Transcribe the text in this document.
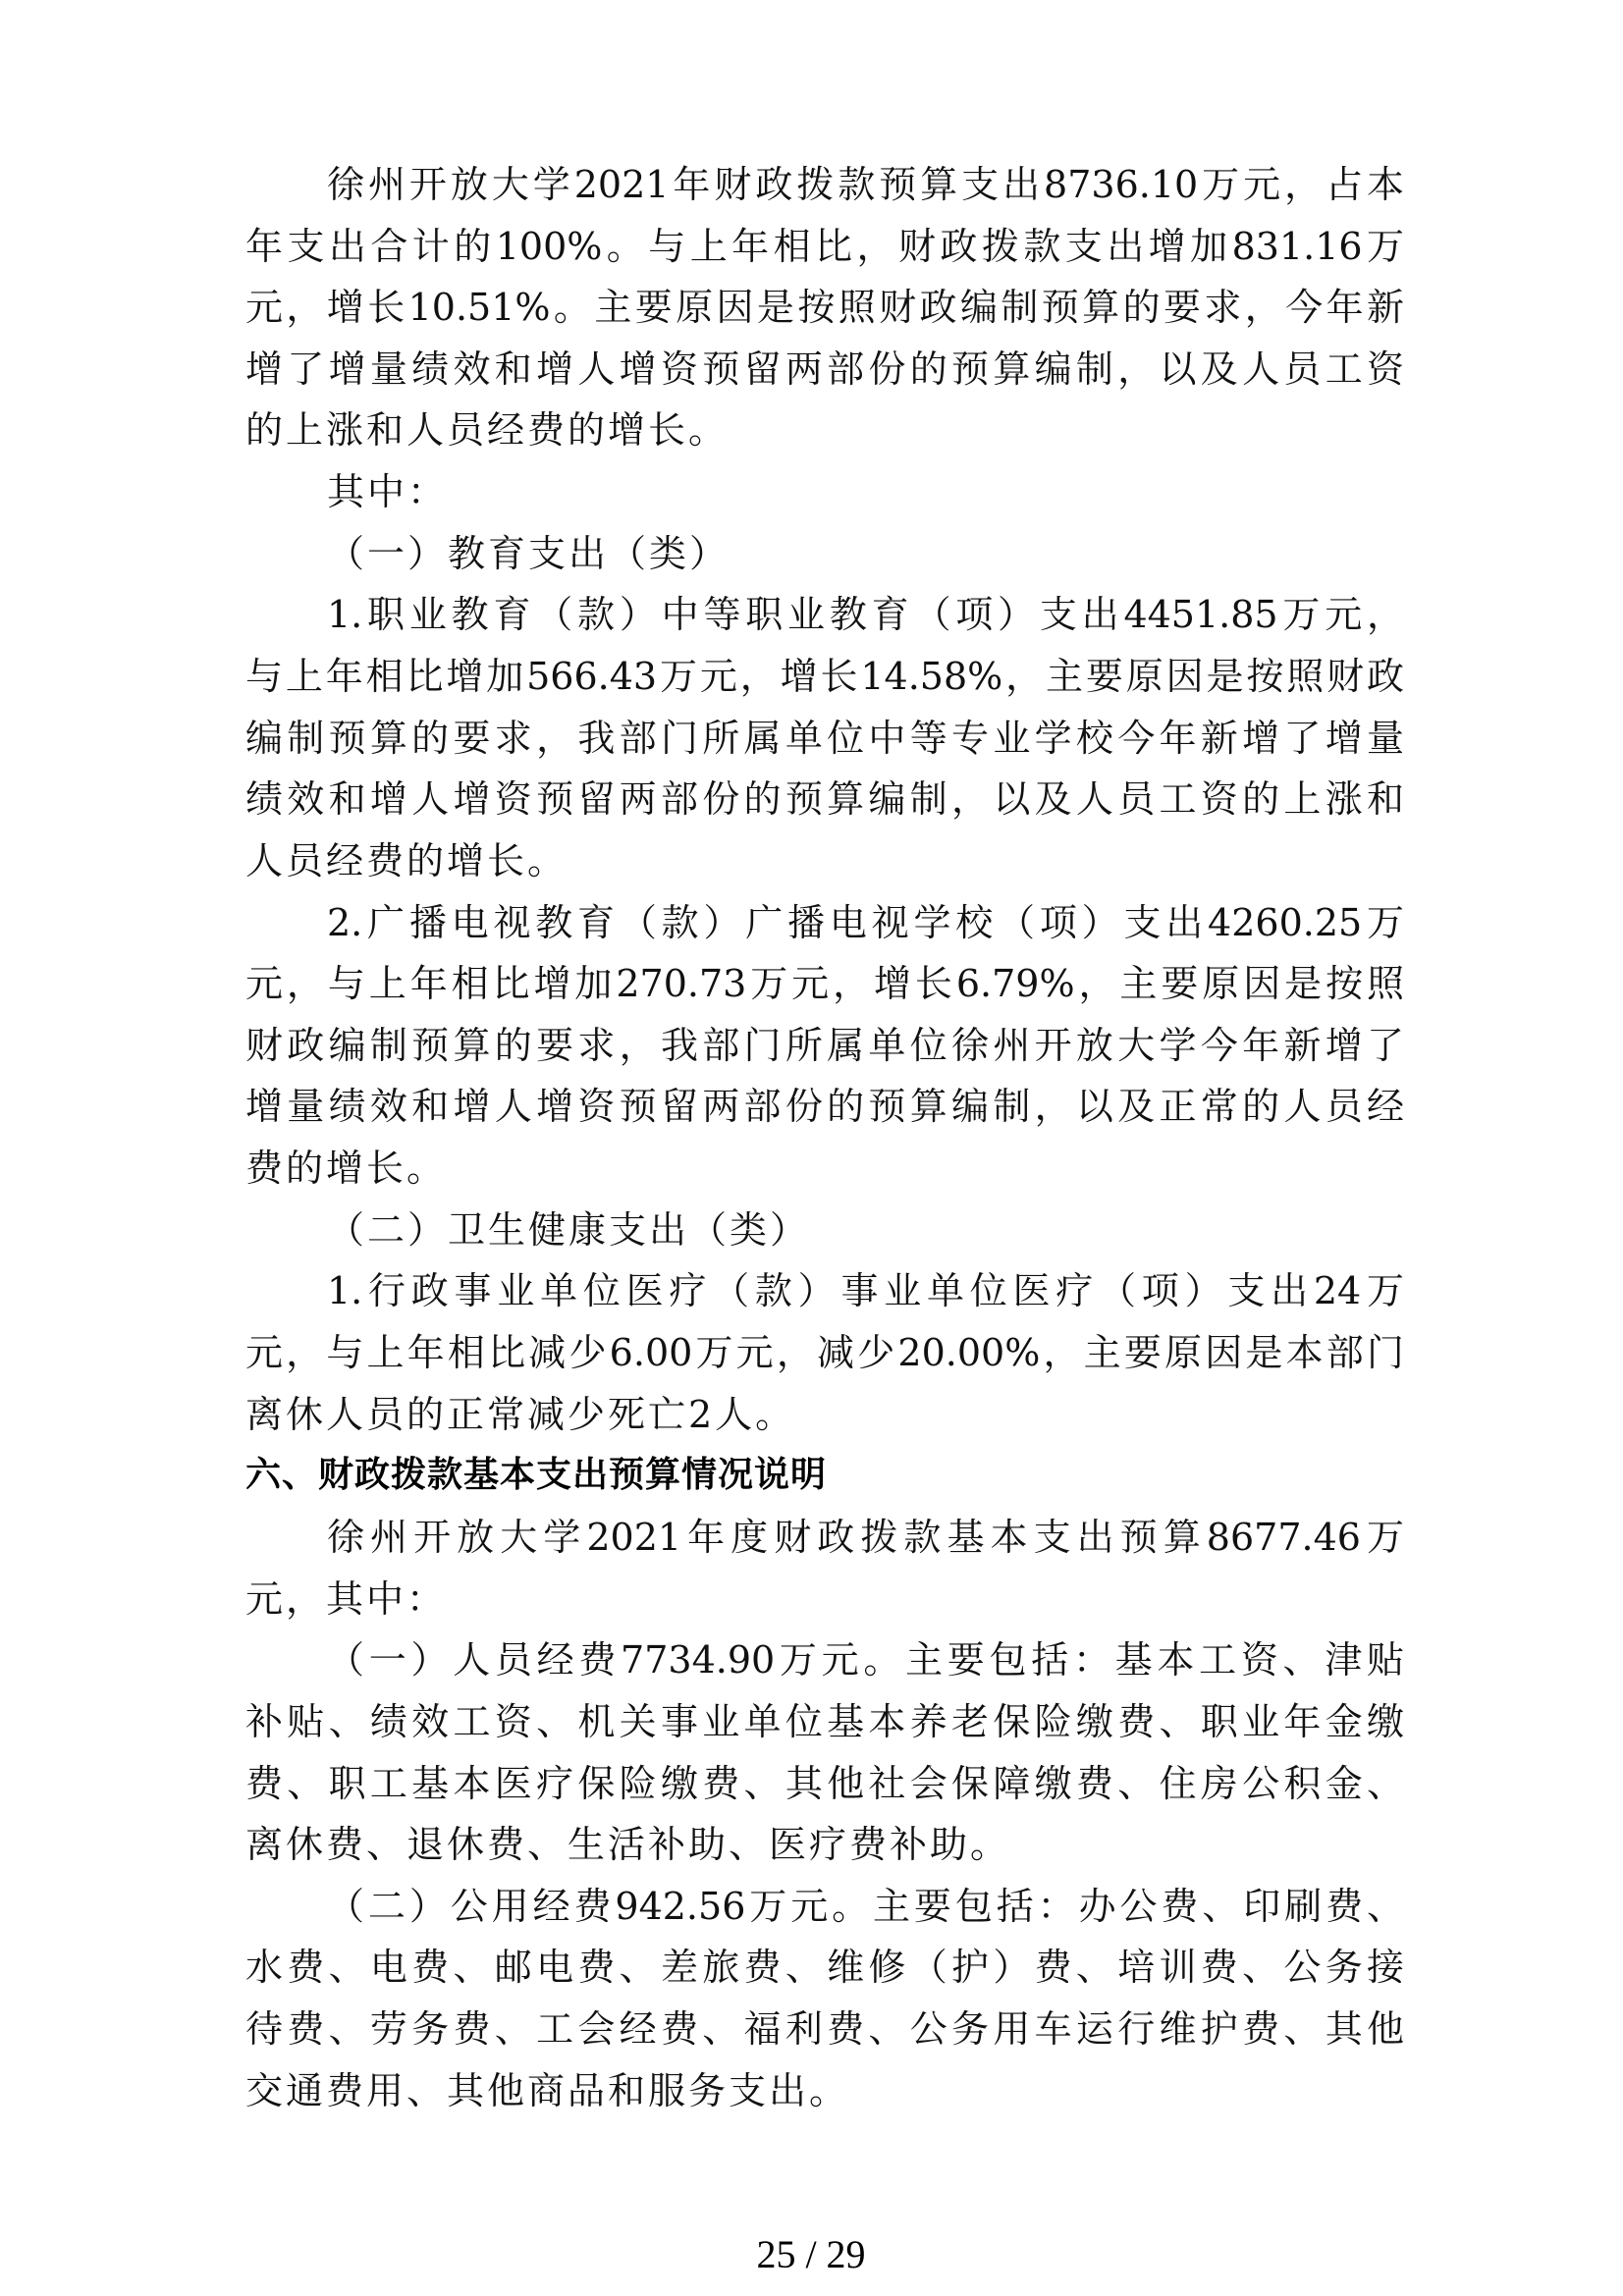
徐州开放大学2021年财政拨款预算支出8736.10万元，占本
年支出合计的100%。与上年相比，财政拨款支出增加831.16万
元，增长10.51%。主要原因是按照财政编制预算的要求，今年新
增了增量绩效和增人增资预留两部份的预算编制，以及人员工资
的上涨和人员经费的增长。
其中：
（一）教育支出（类）
1.职业教育（款）中等职业教育（项）支出4451.85万元，
与上年相比增加566.43万元，增长14.58%，主要原因是按照财政
编制预算的要求，我部门所属单位中等专业学校今年新增了增量
绩效和增人增资预留两部份的预算编制，以及人员工资的上涨和
人员经费的增长。
2.广播电视教育（款）广播电视学校（项）支出4260.25万
元，与上年相比增加270.73万元，增长6.79%，主要原因是按照
财政编制预算的要求，我部门所属单位徐州开放大学今年新增了
增量绩效和增人增资预留两部份的预算编制，以及正常的人员经
费的增长。
（二）卫生健康支出（类）
1.行政事业单位医疗（款）事业单位医疗（项）支出24万
元，与上年相比减少6.00万元，减少20.00%，主要原因是本部门
离休人员的正常减少死亡2人。
六、财政拨款基本支出预算情况说明
徐州开放大学2021年度财政拨款基本支出预算8677.46万
元，其中：
（一）人员经费7734.90万元。主要包括：基本工资、津贴
补贴、绩效工资、机关事业单位基本养老保险缴费、职业年金缴
费、职工基本医疗保险缴费、其他社会保障缴费、住房公积金、
离休费、退休费、生活补助、医疗费补助。
（二）公用经费942.56万元。主要包括：办公费、印刷费、
水费、电费、邮电费、差旅费、维修（护）费、培训费、公务接
待费、劳务费、工会经费、福利费、公务用车运行维护费、其他
交通费用、其他商品和服务支出。
25 / 29
